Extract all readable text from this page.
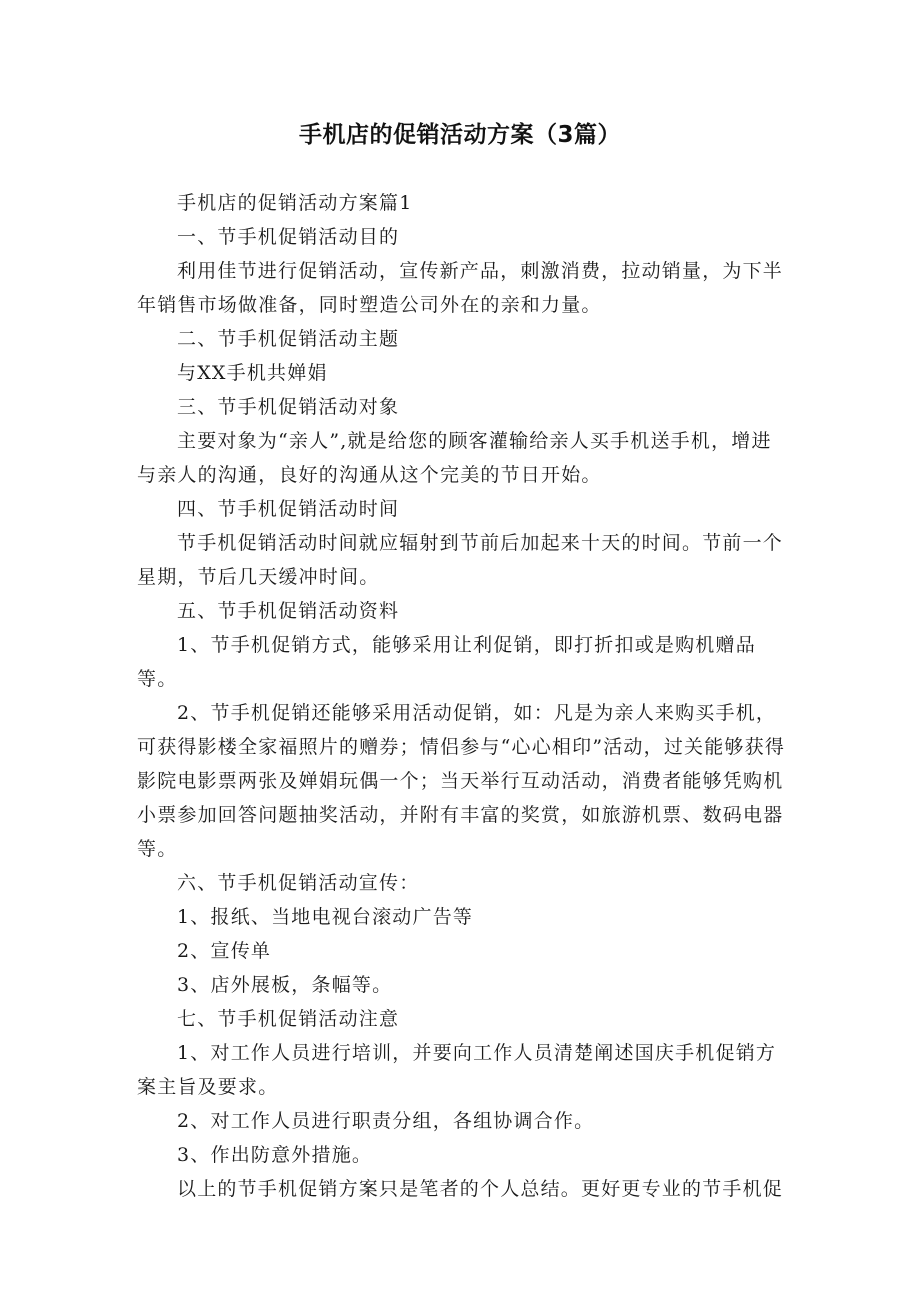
手机店的促销活动方案（3篇）

手机店的促销活动方案篇1

一、节手机促销活动目的

利用佳节进行促销活动，宣传新产品，刺激消费，拉动销量，为下半年销售市场做准备，同时塑造公司外在的亲和力量。

二、节手机促销活动主题

与XX手机共婵娟

三、节手机促销活动对象

主要对象为“亲人”,就是给您的顾客灌输给亲人买手机送手机，增进与亲人的沟通，良好的沟通从这个完美的节日开始。

四、节手机促销活动时间

节手机促销活动时间就应辐射到节前后加起来十天的时间。节前一个星期，节后几天缓冲时间。

五、节手机促销活动资料

1、节手机促销方式，能够采用让利促销，即打折扣或是购机赠品等。

2、节手机促销还能够采用活动促销，如：凡是为亲人来购买手机，可获得影楼全家福照片的赠券；情侣参与“心心相印”活动，过关能够获得影院电影票两张及婵娟玩偶一个；当天举行互动活动，消费者能够凭购机小票参加回答问题抽奖活动，并附有丰富的奖赏，如旅游机票、数码电器等。

六、节手机促销活动宣传：

1、报纸、当地电视台滚动广告等

2、宣传单

3、店外展板，条幅等。

七、节手机促销活动注意

1、对工作人员进行培训，并要向工作人员清楚阐述国庆手机促销方案主旨及要求。

2、对工作人员进行职责分组，各组协调合作。

3、作出防意外措施。

以上的节手机促销方案只是笔者的个人总结。更好更专业的节手机促
